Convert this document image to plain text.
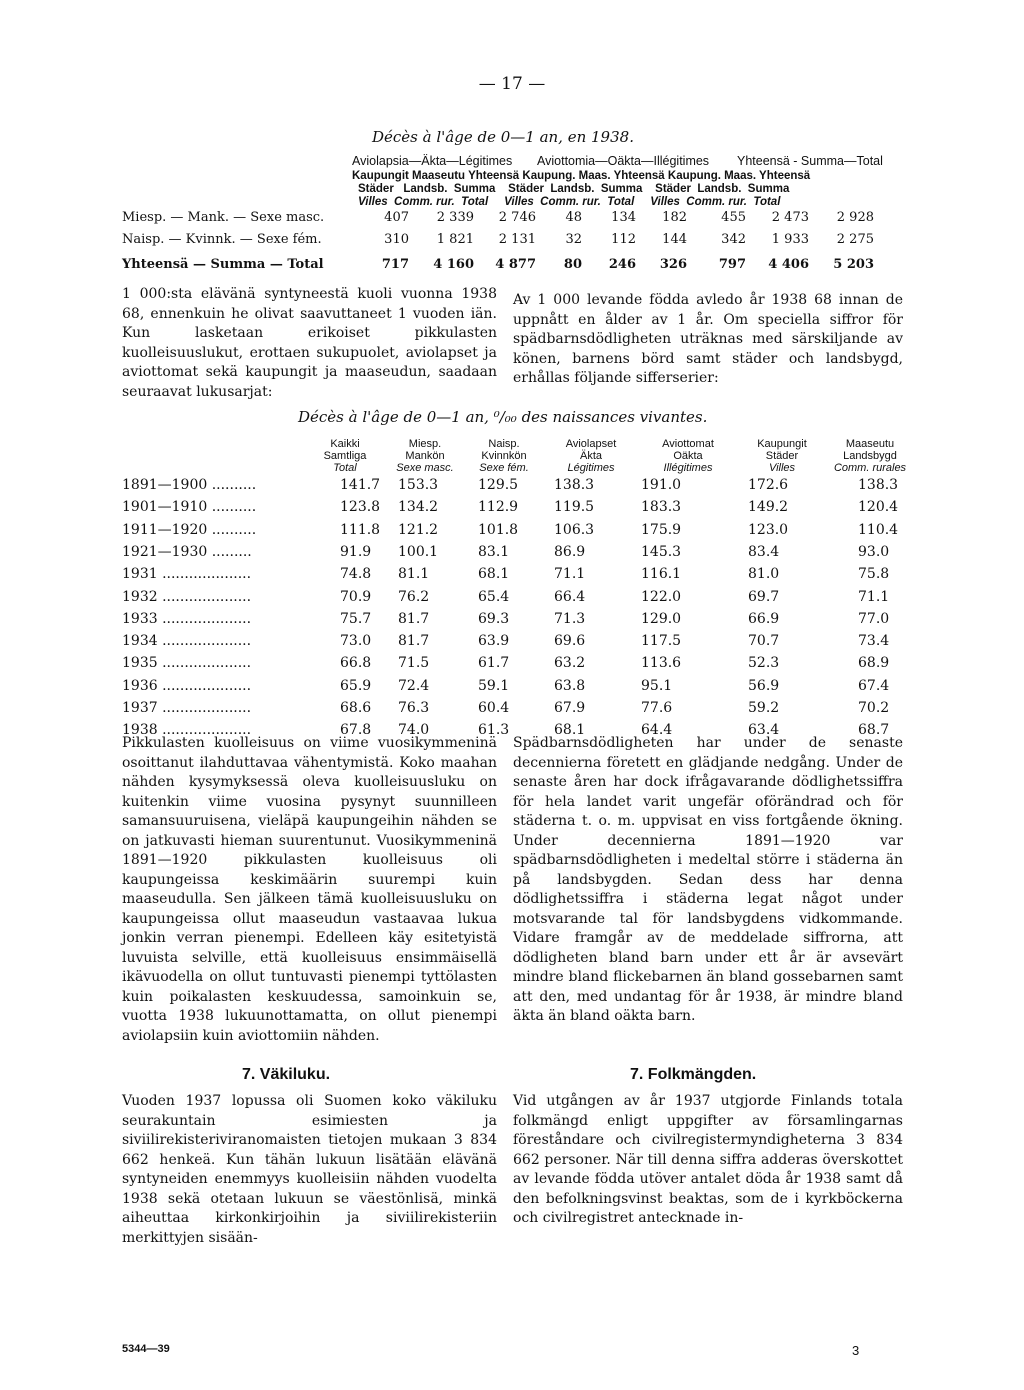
— 17 —
Décès à l'âge de 0—1 an, en 1938.
Aviolapsia—Äkta—Légitimes Aviottomia—Oäkta—Illégitimes Yhteensä - Summa—Total
Kaupungit Maaseutu Yhteensä Kaupung. Maas. Yhteensä Kaupung. Maas. Yhteensä
Städer   Landsb.  Summa    Städer  Landsb.  Summa    Städer  Landsb.  Summa
Villes  Comm. rur.  Total     Villes  Comm. rur.  Total     Villes  Comm. rur.  Total
Miesp. — Mank. — Sexe masc.	407	2 339	2 746	48	134	182	455	2 473	2 928
Naisp. — Kvinnk. — Sexe fém.	310	1 821	2 131	32	112	144	342	1 933	2 275
Yhteensä — Summa — Total	717	4 160	4 877	80	246	326	797	4 406	5 203

1 000:sta elävänä syntyneestä kuoli vuonna 1938 68, ennenkuin he olivat saavuttaneet 1 vuoden iän. Kun lasketaan erikoiset pikkulasten kuolleisuuslukut, erottaen sukupuolet, aviolapset ja aviottomat sekä kaupungit ja maaseudun, saadaan seuraavat lukusarjat:

Av 1 000 levande födda avledo år 1938 68 innan de uppnått en ålder av 1 år. Om speciella siffror för spädbarnsdödligheten uträknas med särskiljande av könen, barnens börd samt städer och landsbygd, erhållas följande sifferserier:

Décès à l'âge de 0—1 an, ⁰/₀₀ des naissances vivantes.
Kaikki
Samtliga
Total
Miesp.
Mankön
Sexe masc.
Naisp.
Kvinnkön
Sexe fém.
Aviolapset
Äkta
Légitimes
Aviottomat
Oäkta
Illégitimes
Kaupungit
Städer
Villes
Maaseutu
Landsbygd
Comm. rurales
1891—1900 ..........	141.7	153.3	129.5	138.3	191.0	172.6	138.3
1901—1910 ..........	123.8	134.2	112.9	119.5	183.3	149.2	120.4
1911—1920 ..........	111.8	121.2	101.8	106.3	175.9	123.0	110.4
1921—1930 .........	91.9	100.1	83.1	86.9	145.3	83.4	93.0
1931 ....................	74.8	81.1	68.1	71.1	116.1	81.0	75.8
1932 ....................	70.9	76.2	65.4	66.4	122.0	69.7	71.1
1933 ....................	75.7	81.7	69.3	71.3	129.0	66.9	77.0
1934 ....................	73.0	81.7	63.9	69.6	117.5	70.7	73.4
1935 ....................	66.8	71.5	61.7	63.2	113.6	52.3	68.9
1936 ....................	65.9	72.4	59.1	63.8	95.1	56.9	67.4
1937 ....................	68.6	76.3	60.4	67.9	77.6	59.2	70.2
1938 ....................	67.8	74.0	61.3	68.1	64.4	63.4	68.7

Pikkulasten kuolleisuus on viime vuosikymmeninä osoittanut ilahduttavaa vähentymistä. Koko maahan nähden kysymyksessä oleva kuolleisuusluku on kuitenkin viime vuosina pysynyt suunnilleen samansuuruisena, vieläpä kaupungeihin nähden se on jatkuvasti hieman suurentunut. Vuosikymmeninä 1891—1920 pikkulasten kuolleisuus oli kaupungeissa keskimäärin suurempi kuin maaseudulla. Sen jälkeen tämä kuolleisuusluku on kaupungeissa ollut maaseudun vastaavaa lukua jonkin verran pienempi. Edelleen käy esitetyistä luvuista selville, että kuolleisuus ensimmäisellä ikävuodella on ollut tuntuvasti pienempi tyttölasten kuin poikalasten keskuudessa, samoinkuin se, vuotta 1938 lukuunottamatta, on ollut pienempi aviolapsiin kuin aviottomiin nähden.

Spädbarnsdödligheten har under de senaste decennierna företett en glädjande nedgång. Under de senaste åren har dock ifrågavarande dödlighetssiffra för hela landet varit ungefär oförändrad och för städerna t. o. m. uppvisat en viss fortgående ökning. Under decennierna 1891—1920 var spädbarnsdödligheten i medeltal större i städerna än på landsbygden. Sedan dess har denna dödlighetssiffra i städerna legat något under motsvarande tal för landsbygdens vidkommande. Vidare framgår av de meddelade siffrorna, att dödligheten bland barn under ett år är avsevärt mindre bland flickebarnen än bland gossebarnen samt att den, med undantag för år 1938, är mindre bland äkta än bland oäkta barn.

7. Väkiluku.	7. Folkmängden.

Vuoden 1937 lopussa oli Suomen koko väkiluku seurakuntain esimiesten ja siviilirekisteriviranomaisten tietojen mukaan 3 834 662 henkeä. Kun tähän lukuun lisätään elävänä syntyneiden enemmyys kuolleisiin nähden vuodelta 1938 sekä otetaan lukuun se väestönlisä, minkä aiheuttaa kirkonkirjoihin ja siviilirekisteriin merkittyjen sisään-

Vid utgången av år 1937 utgjorde Finlands totala folkmängd enligt uppgifter av församlingarnas föreståndare och civilregistermyndigheterna 3 834 662 personer. När till denna siffra adderas överskottet av levande födda utöver antalet döda år 1938 samt då den befolkningsvinst beaktas, som de i kyrkböckerna och civilregistret antecknade in-

5344—39	3
